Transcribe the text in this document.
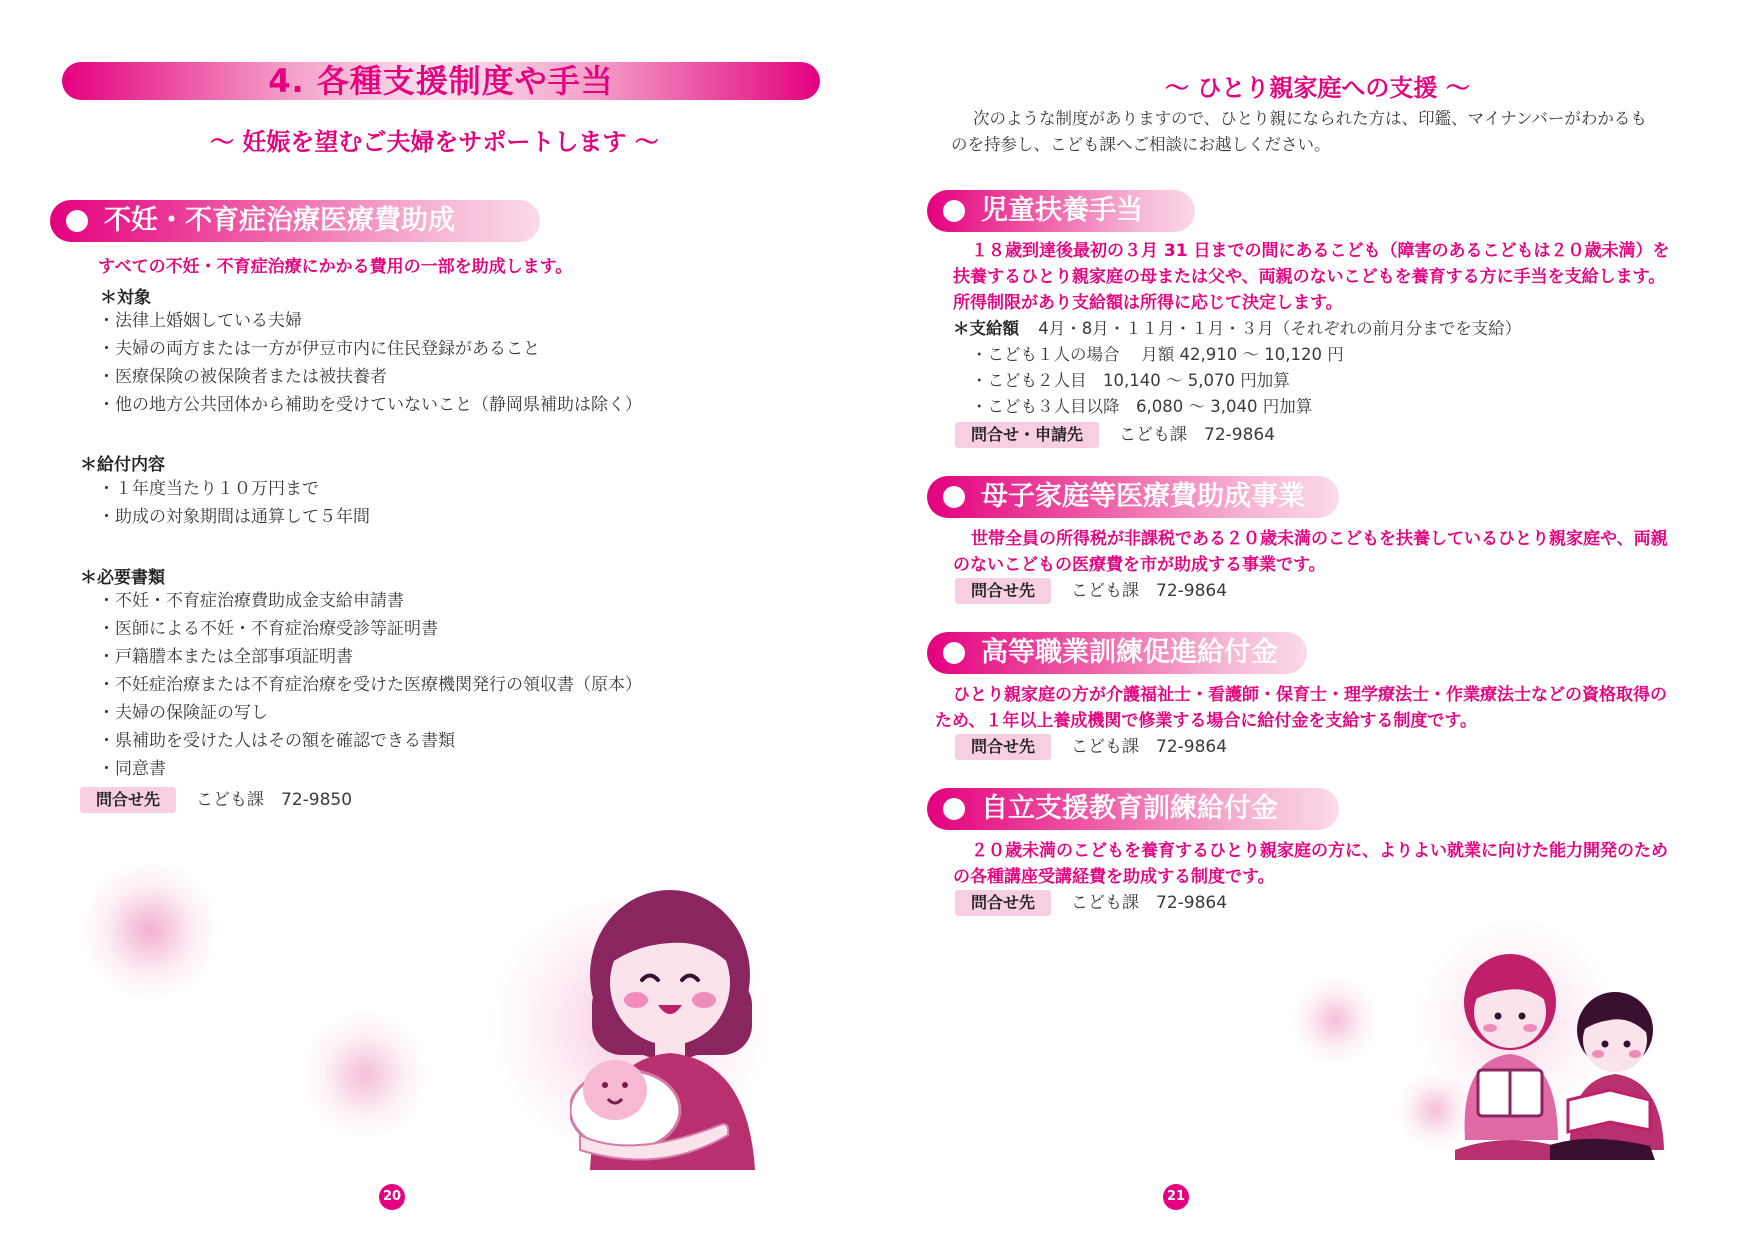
4. 各種支援制度や手当
～ 妊娠を望むご夫婦をサポートします ～
不妊・不育症治療医療費助成
すべての不妊・不育症治療にかかる費用の一部を助成します。
＊対象
・法律上婚姻している夫婦
・夫婦の両方または一方が伊豆市内に住民登録があること
・医療保険の被保険者または被扶養者
・他の地方公共団体から補助を受けていないこと（静岡県補助は除く）
＊給付内容
・１年度当たり１０万円まで
・助成の対象期間は通算して５年間
＊必要書類
・不妊・不育症治療費助成金支給申請書
・医師による不妊・不育症治療受診等証明書
・戸籍謄本または全部事項証明書
・不妊症治療または不育症治療を受けた医療機関発行の領収書（原本）
・夫婦の保険証の写し
・県補助を受けた人はその額を確認できる書類
・同意書
問合せ先 こども課　72-9850
20
～ ひとり親家庭への支援 ～
次のような制度がありますので、ひとり親になられた方は、印鑑、マイナンバーがわかるも
のを持参し、こども課へご相談にお越しください。
児童扶養手当
１８歳到達後最初の３月 31 日までの間にあるこども（障害のあるこどもは２０歳未満）を
扶養するひとり親家庭の母または父や、両親のないこどもを養育する方に手当を支給します。
所得制限があり支給額は所得に応じて決定します。
＊支給額 4月・8月・１１月・１月・３月（それぞれの前月分までを支給）
・こども１人の場合　 月額 42,910 ～ 10,120 円
・こども２人目　10,140 ～ 5,070 円加算
・こども３人目以降　6,080 ～ 3,040 円加算
問合せ・申請先 こども課　72-9864
母子家庭等医療費助成事業
世帯全員の所得税が非課税である２０歳未満のこどもを扶養しているひとり親家庭や、両親
のないこどもの医療費を市が助成する事業です。
問合せ先 こども課　72-9864
高等職業訓練促進給付金
ひとり親家庭の方が介護福祉士・看護師・保育士・理学療法士・作業療法士などの資格取得の
ため、１年以上養成機関で修業する場合に給付金を支給する制度です。
問合せ先 こども課　72-9864
自立支援教育訓練給付金
２０歳未満のこどもを養育するひとり親家庭の方に、よりよい就業に向けた能力開発のため
の各種講座受講経費を助成する制度です。
問合せ先 こども課　72-9864
21
